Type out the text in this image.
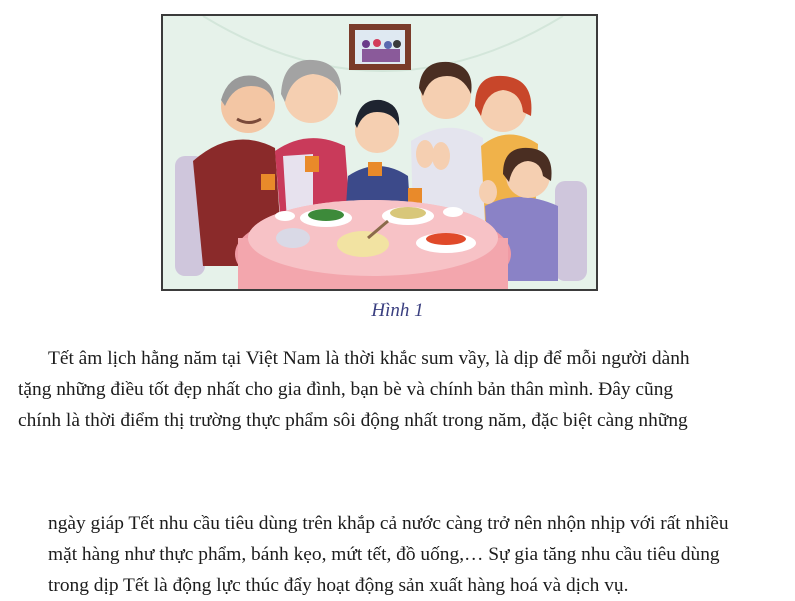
Hình 1

Tết âm lịch hằng năm tại Việt Nam là thời khắc sum vầy, là dịp để mỗi người dành
tặng những điều tốt đẹp nhất cho gia đình, bạn bè và chính bản thân mình. Đây cũng
chính là thời điểm thị trường thực phẩm sôi động nhất trong năm, đặc biệt càng những

ngày giáp Tết nhu cầu tiêu dùng trên khắp cả nước càng trở nên nhộn nhịp với rất nhiều
mặt hàng như thực phẩm, bánh kẹo, mứt tết, đồ uống,… Sự gia tăng nhu cầu tiêu dùng
trong dịp Tết là động lực thúc đẩy hoạt động sản xuất hàng hoá và dịch vụ.
